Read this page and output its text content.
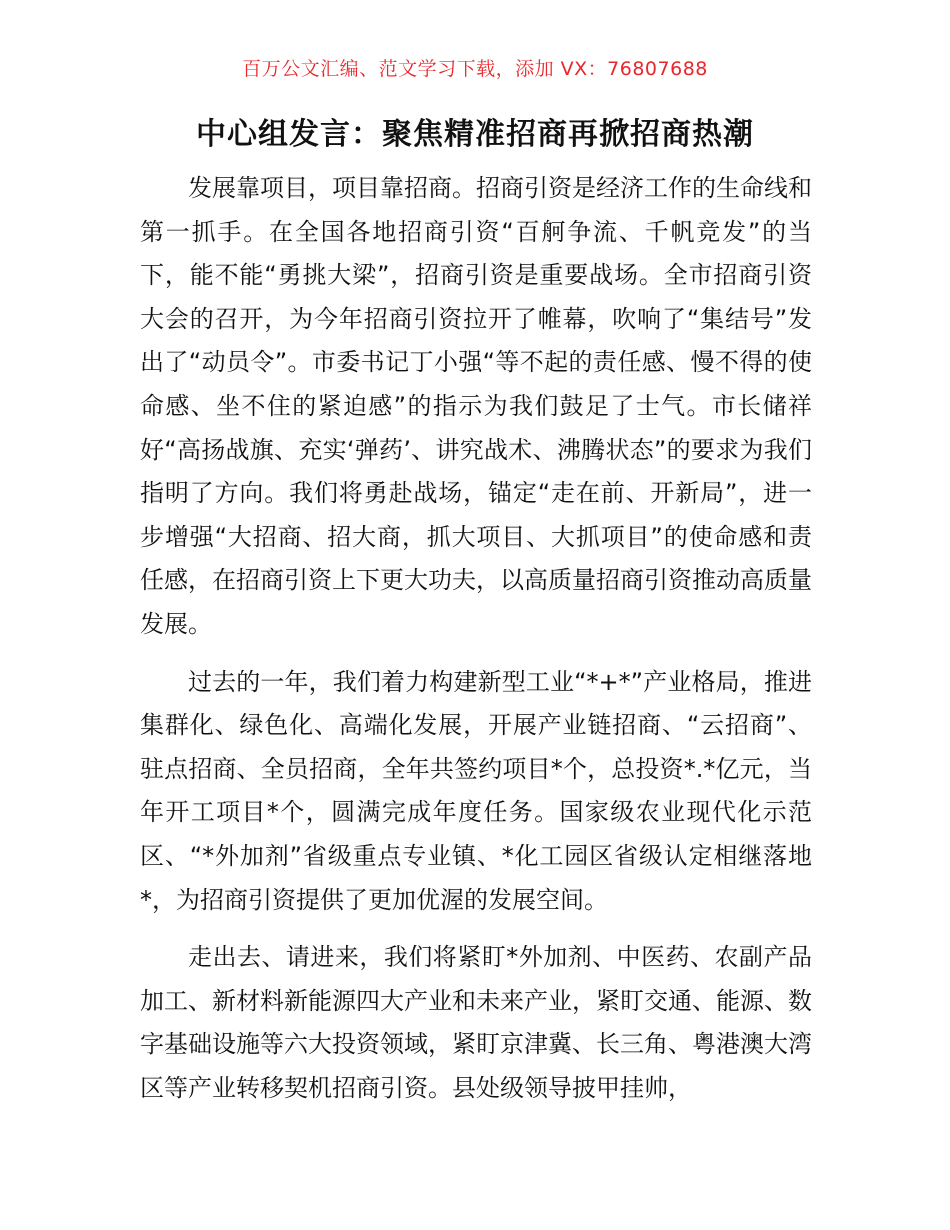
百万公文汇编、范文学习下载，添加 VX：76807688
中心组发言：聚焦精准招商再掀招商热潮

发展靠项目，项目靠招商。招商引资是经济工作的生命线和第一抓手。在全国各地招商引资“百舸争流、千帆竞发”的当下，能不能“勇挑大梁”，招商引资是重要战场。全市招商引资大会的召开，为今年招商引资拉开了帷幕，吹响了“集结号”发出了“动员令”。市委书记丁小强“等不起的责任感、慢不得的使命感、坐不住的紧迫感”的指示为我们鼓足了士气。市长储祥好“高扬战旗、充实‘弹药’、讲究战术、沸腾状态”的要求为我们指明了方向。我们将勇赴战场，锚定“走在前、开新局”，进一步增强“大招商、招大商，抓大项目、大抓项目”的使命感和责任感，在招商引资上下更大功夫，以高质量招商引资推动高质量发展。

过去的一年，我们着力构建新型工业“*+*”产业格局，推进集群化、绿色化、高端化发展，开展产业链招商、“云招商”、驻点招商、全员招商，全年共签约项目*个，总投资*.*亿元，当年开工项目*个，圆满完成年度任务。国家级农业现代化示范区、“*外加剂”省级重点专业镇、*化工园区省级认定相继落地*，为招商引资提供了更加优渥的发展空间。

走出去、请进来，我们将紧盯*外加剂、中医药、农副产品加工、新材料新能源四大产业和未来产业，紧盯交通、能源、数字基础设施等六大投资领域，紧盯京津冀、长三角、粤港澳大湾区等产业转移契机招商引资。县处级领导披甲挂帅，
